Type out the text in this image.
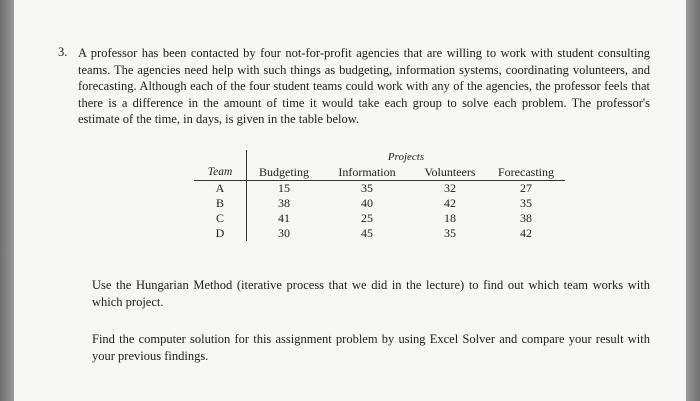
3. A professor has been contacted by four not-for-profit agencies that are willing to work with student consulting teams. The agencies need help with such things as budgeting, information systems, coordinating volunteers, and forecasting. Although each of the four student teams could work with any of the agencies, the professor feels that there is a difference in the amount of time it would take each group to solve each problem. The professor's estimate of the time, in days, is given in the table below.

	Projects			
Team	Budgeting	Information	Volunteers	Forecasting
A	15	35	32	27
B	38	40	42	35
C	41	25	18	38
D	30	45	35	42

Use the Hungarian Method (iterative process that we did in the lecture) to find out which team works with which project.

Find the computer solution for this assignment problem by using Excel Solver and compare your result with your previous findings.
